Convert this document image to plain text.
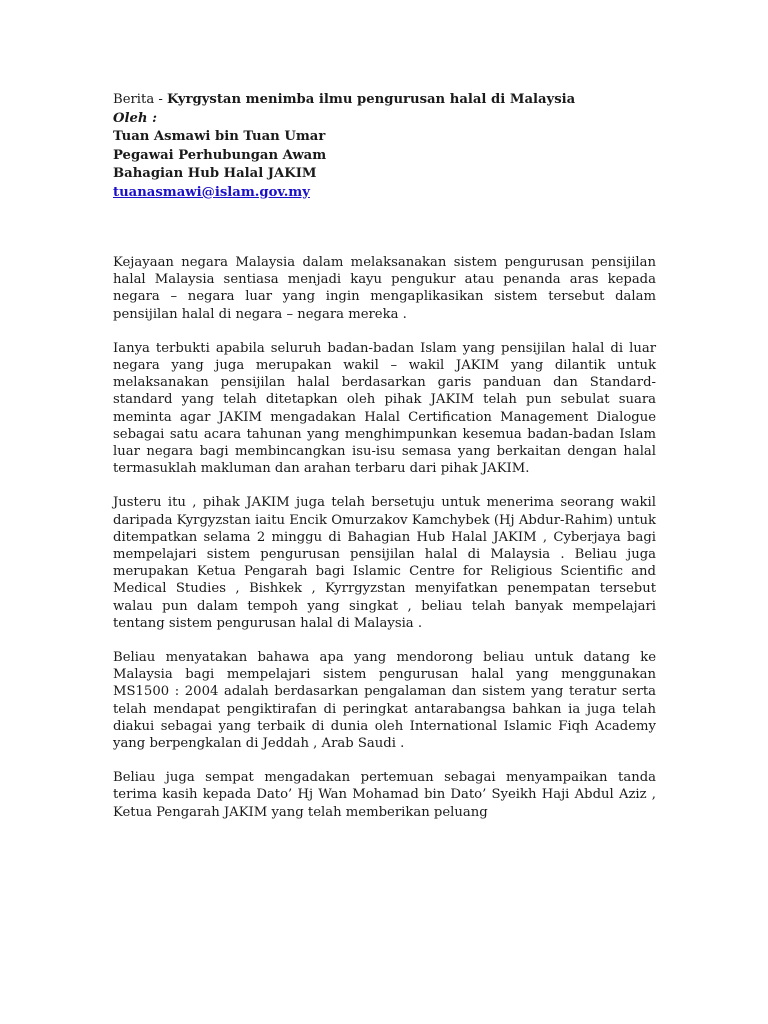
Berita - Kyrgystan menimba ilmu pengurusan halal di Malaysia
Oleh :
Tuan Asmawi bin Tuan Umar
Pegawai Perhubungan Awam
Bahagian Hub Halal JAKIM
tuanasmawi@islam.gov.my

Kejayaan negara Malaysia dalam melaksanakan sistem pengurusan pensijilan halal Malaysia sentiasa menjadi kayu pengukur atau penanda aras kepada negara – negara luar yang ingin mengaplikasikan sistem tersebut dalam pensijilan halal di negara – negara mereka .

Ianya terbukti apabila seluruh badan-badan Islam yang pensijilan halal di luar negara yang juga merupakan wakil – wakil JAKIM yang dilantik untuk melaksanakan pensijilan halal berdasarkan garis panduan dan Standard-standard yang telah ditetapkan oleh pihak JAKIM telah pun sebulat suara meminta agar JAKIM mengadakan Halal Certification Management Dialogue sebagai satu acara tahunan yang menghimpunkan kesemua badan-badan Islam luar negara bagi membincangkan isu-isu semasa yang berkaitan dengan halal termasuklah makluman dan arahan terbaru dari pihak JAKIM.

Justeru itu , pihak JAKIM juga telah bersetuju untuk menerima seorang wakil daripada Kyrgyzstan iaitu Encik Omurzakov Kamchybek (Hj Abdur-Rahim) untuk ditempatkan selama 2 minggu di Bahagian Hub Halal JAKIM , Cyberjaya bagi mempelajari sistem pengurusan pensijilan halal di Malaysia . Beliau juga merupakan Ketua Pengarah bagi Islamic Centre for Religious Scientific and Medical Studies , Bishkek , Kyrrgyzstan menyifatkan penempatan tersebut walau pun dalam tempoh yang singkat , beliau telah banyak mempelajari tentang sistem pengurusan halal di Malaysia .

Beliau menyatakan bahawa apa yang mendorong beliau untuk datang ke Malaysia bagi mempelajari sistem pengurusan halal yang menggunakan MS1500 : 2004 adalah berdasarkan pengalaman dan sistem yang teratur serta telah mendapat pengiktirafan di peringkat antarabangsa bahkan ia juga telah diakui sebagai yang terbaik di dunia oleh International Islamic Fiqh Academy yang berpengkalan di Jeddah , Arab Saudi .

Beliau juga sempat mengadakan pertemuan sebagai menyampaikan tanda terima kasih kepada Dato’ Hj Wan Mohamad bin Dato’ Syeikh Haji Abdul Aziz , Ketua Pengarah JAKIM yang telah memberikan peluang
